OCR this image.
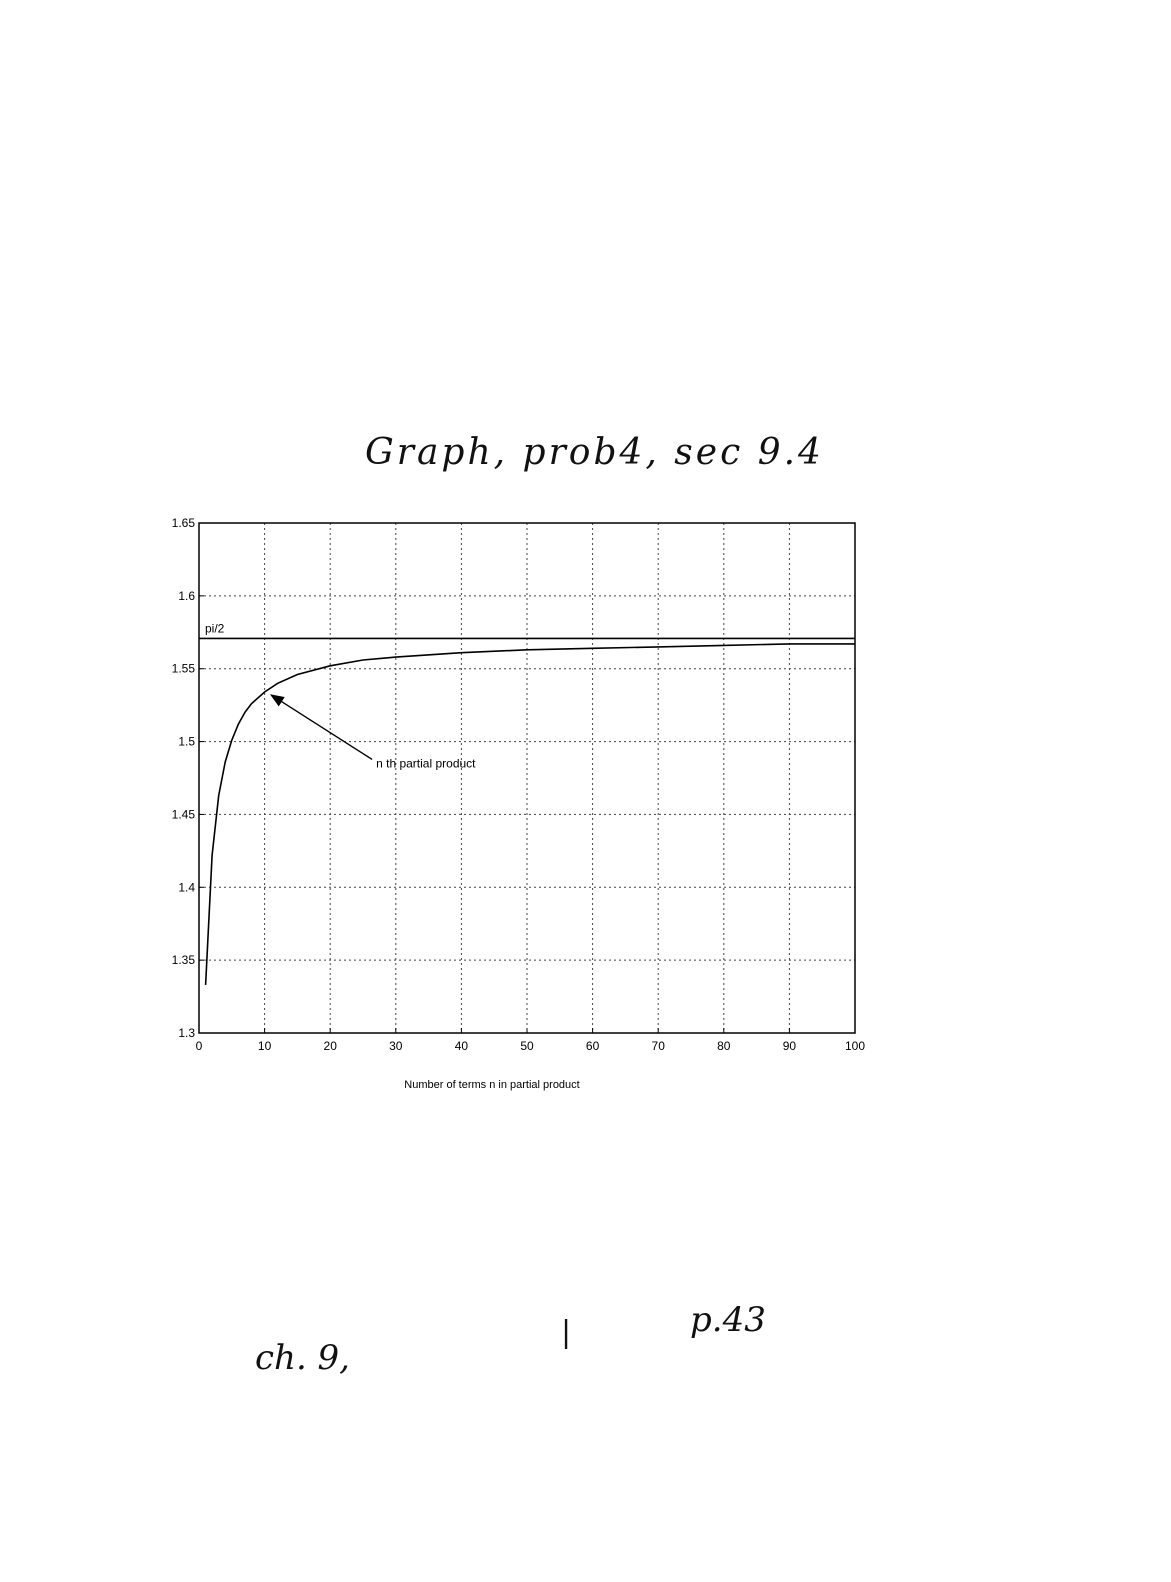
Graph, prob4, sec 9.4
pi/2
0	10	20	30	40	50	60	70	80	90	100
1.3
1.35
1.4
1.45
1.5
1.55
1.6
1.65
n th partial product
Number of terms n in partial product
ch. 9,
|	p.43
